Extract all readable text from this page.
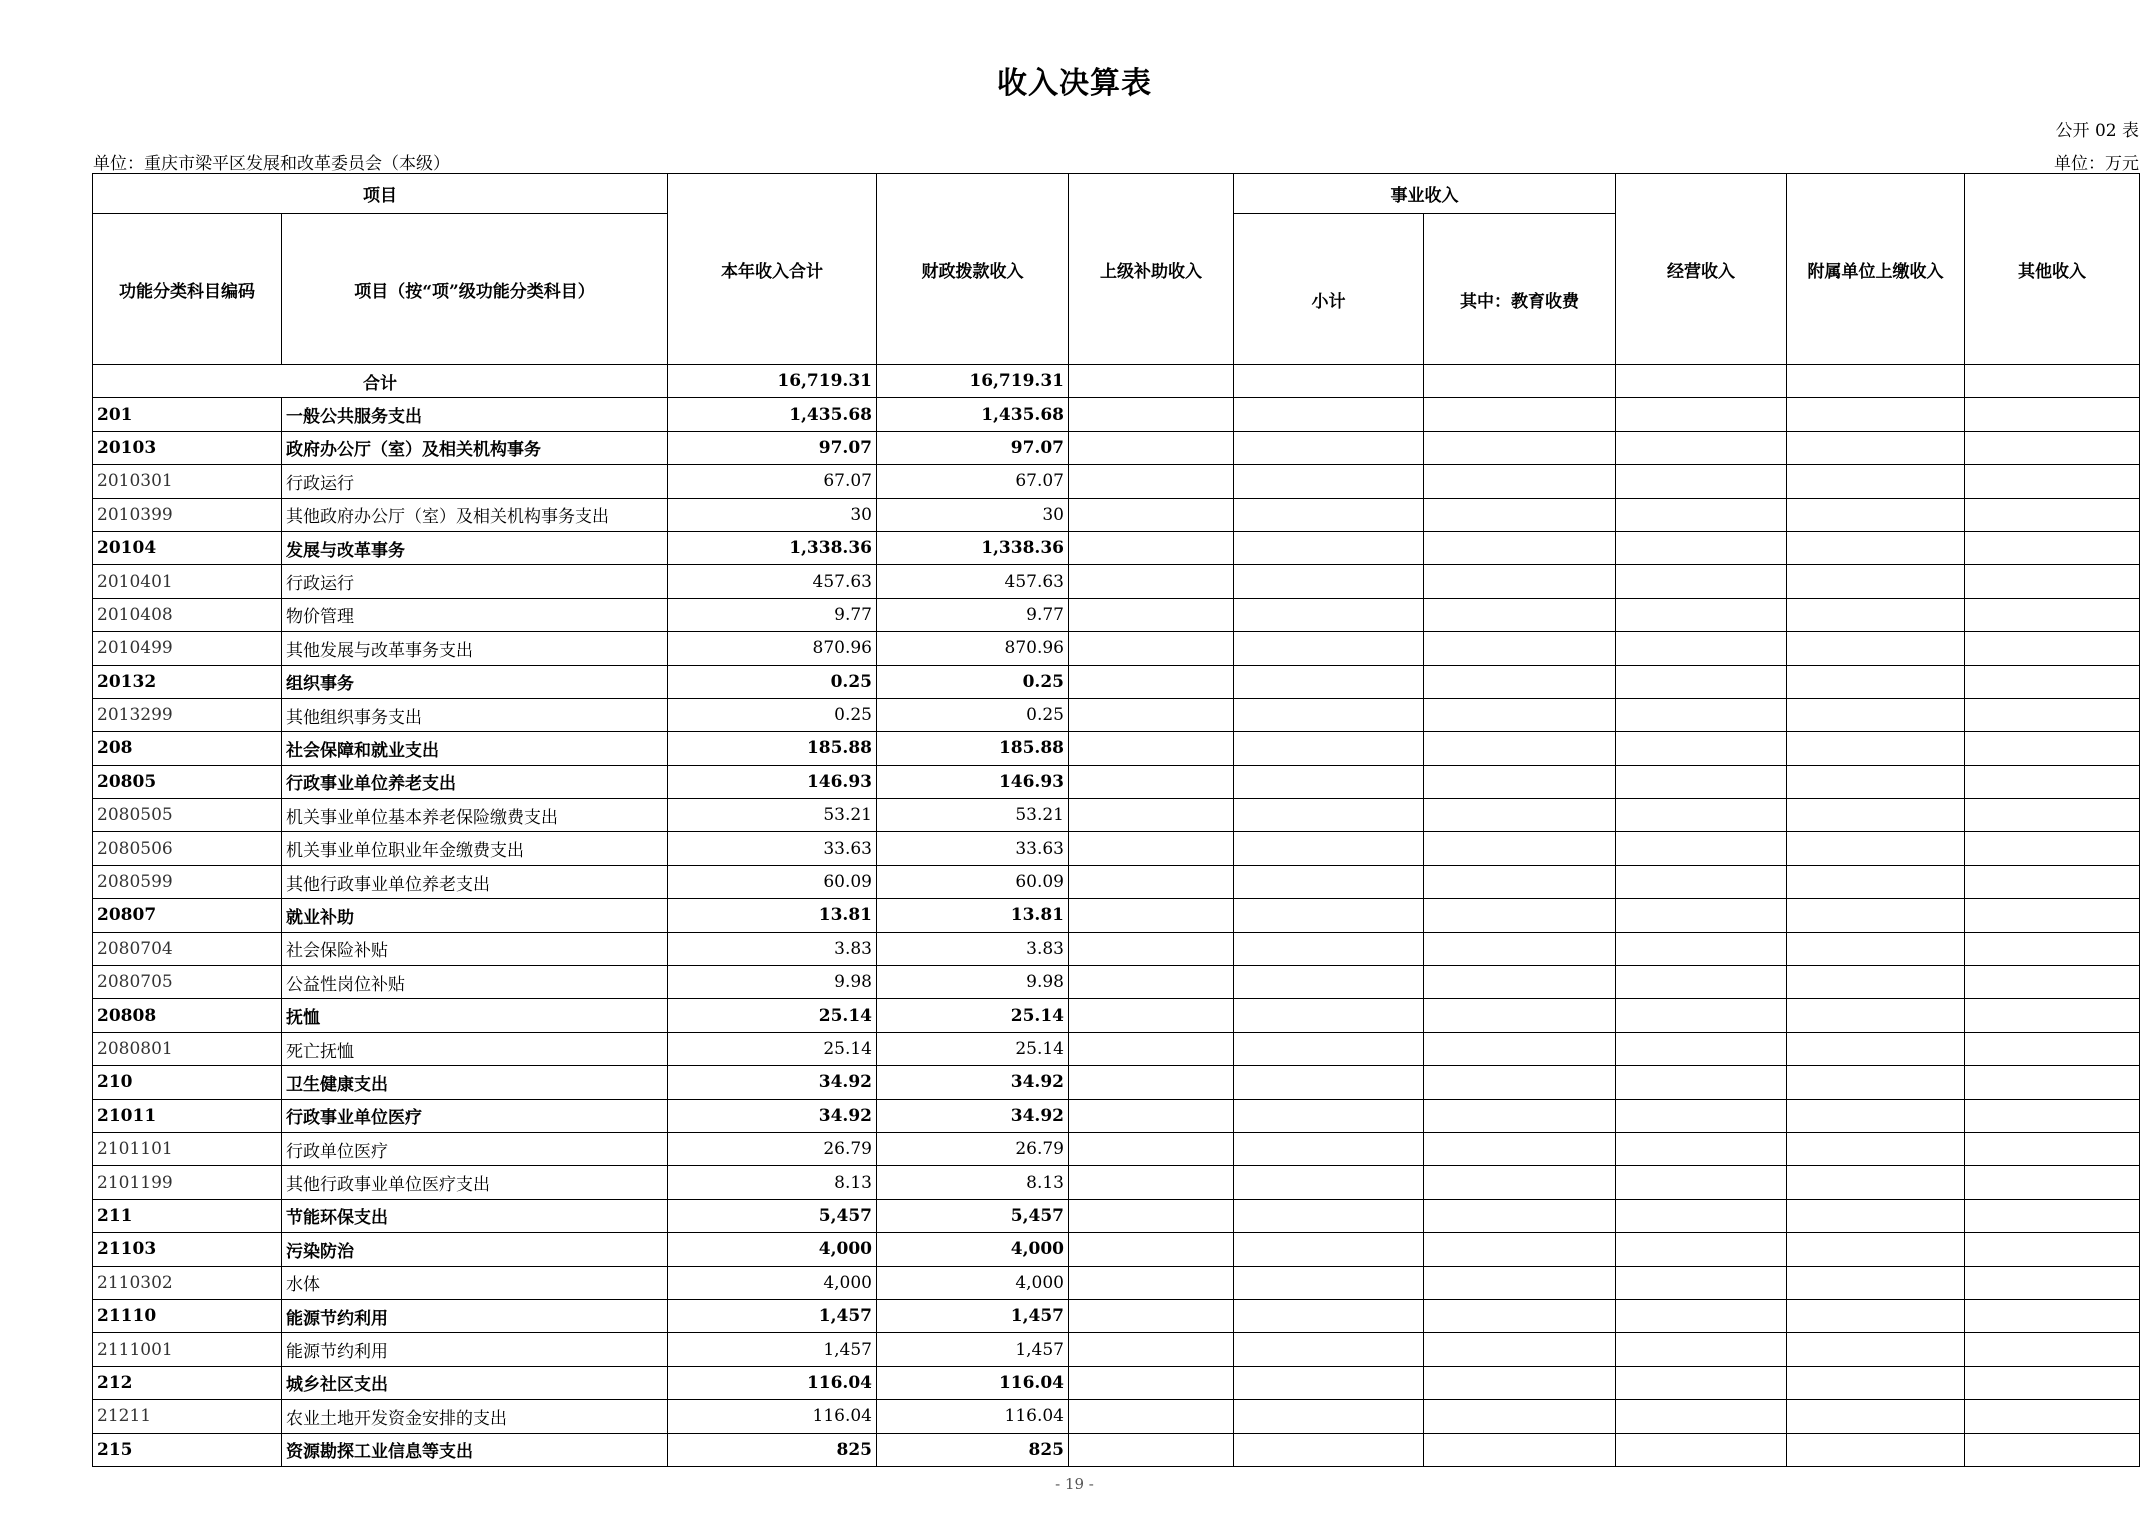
收入决算表
公开 02 表
单位：重庆市梁平区发展和改革委员会（本级）	单位：万元
项目		本年收入合计	财政拨款收入	上级补助收入	事业收入		经营收入	附属单位上缴收入	其他收入
功能分类科目编码	项目（按“项”级功能分类科目）				小计	其中：教育收费			
合计		16,719.31	16,719.31						
201	一般公共服务支出	1,435.68	1,435.68						
20103	政府办公厅（室）及相关机构事务	97.07	97.07						
2010301	行政运行	67.07	67.07						
2010399	其他政府办公厅（室）及相关机构事务支出	30	30						
20104	发展与改革事务	1,338.36	1,338.36						
2010401	行政运行	457.63	457.63						
2010408	物价管理	9.77	9.77						
2010499	其他发展与改革事务支出	870.96	870.96						
20132	组织事务	0.25	0.25						
2013299	其他组织事务支出	0.25	0.25						
208	社会保障和就业支出	185.88	185.88						
20805	行政事业单位养老支出	146.93	146.93						
2080505	机关事业单位基本养老保险缴费支出	53.21	53.21						
2080506	机关事业单位职业年金缴费支出	33.63	33.63						
2080599	其他行政事业单位养老支出	60.09	60.09						
20807	就业补助	13.81	13.81						
2080704	社会保险补贴	3.83	3.83						
2080705	公益性岗位补贴	9.98	9.98						
20808	抚恤	25.14	25.14						
2080801	死亡抚恤	25.14	25.14						
210	卫生健康支出	34.92	34.92						
21011	行政事业单位医疗	34.92	34.92						
2101101	行政单位医疗	26.79	26.79						
2101199	其他行政事业单位医疗支出	8.13	8.13						
211	节能环保支出	5,457	5,457						
21103	污染防治	4,000	4,000						
2110302	水体	4,000	4,000						
21110	能源节约利用	1,457	1,457						
2111001	能源节约利用	1,457	1,457						
212	城乡社区支出	116.04	116.04						
21211	农业土地开发资金安排的支出	116.04	116.04						
215	资源勘探工业信息等支出	825	825						
- 19 -
